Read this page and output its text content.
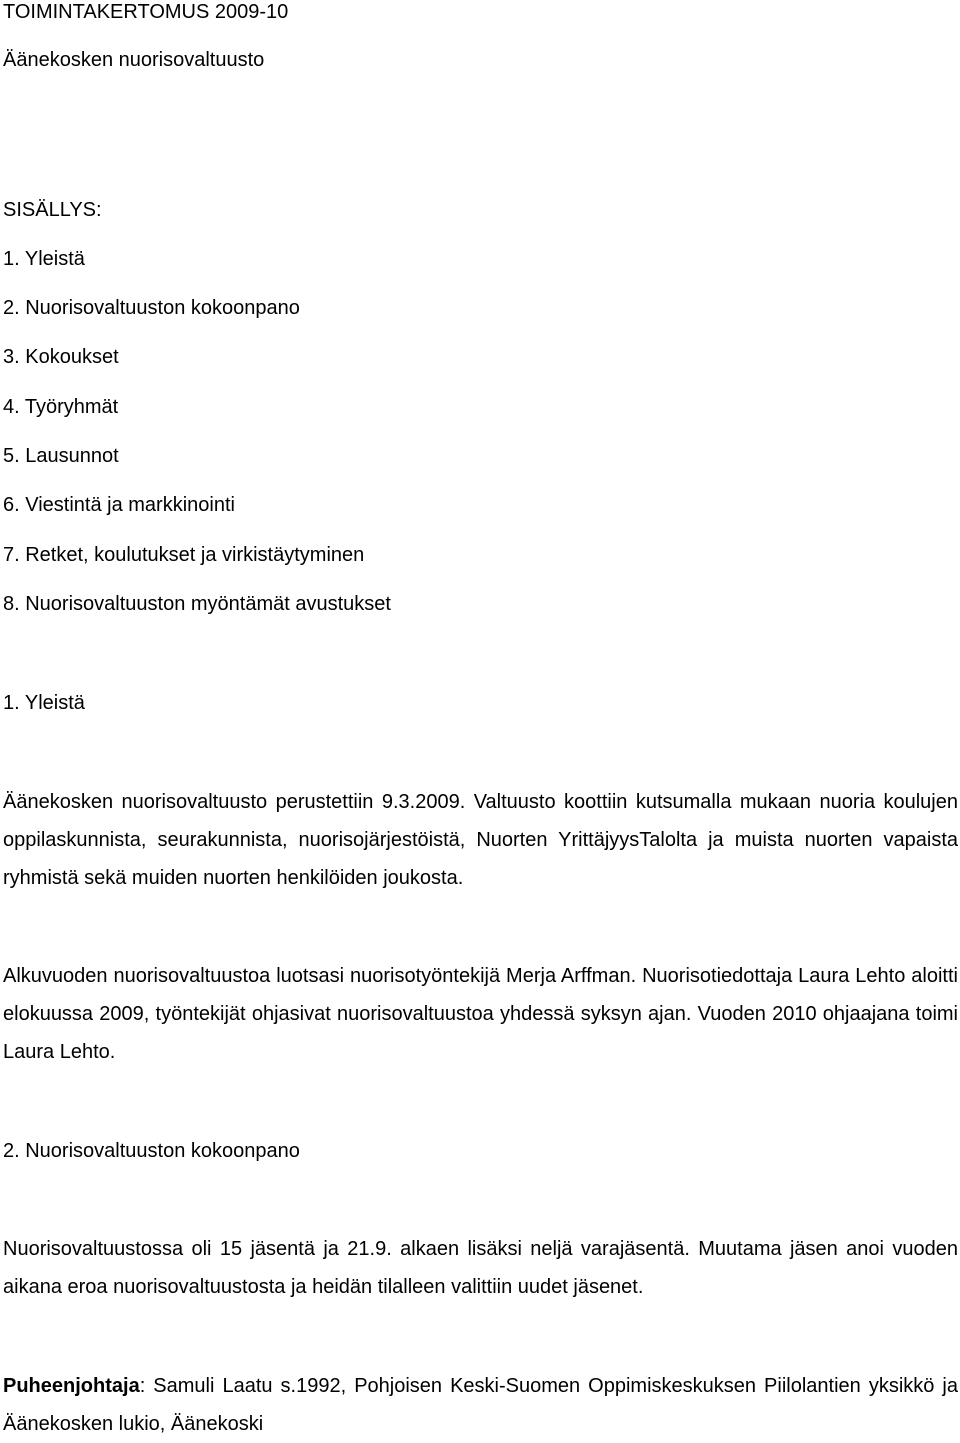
TOIMINTAKERTOMUS 2009-10
Äänekosken nuorisovaltuusto
SISÄLLYS:
1. Yleistä
2. Nuorisovaltuuston kokoonpano
3. Kokoukset
4. Työryhmät
5. Lausunnot
6. Viestintä ja markkinointi
7. Retket, koulutukset ja virkistäytyminen
8. Nuorisovaltuuston myöntämät avustukset
1. Yleistä
Äänekosken nuorisovaltuusto perustettiin 9.3.2009. Valtuusto koottiin kutsumalla mukaan nuoria koulujen oppilaskunnista, seurakunnista, nuorisojärjestöistä, Nuorten YrittäjyysTalolta ja muista nuorten vapaista ryhmistä sekä muiden nuorten henkilöiden joukosta.
Alkuvuoden nuorisovaltuustoa luotsasi nuorisotyöntekijä Merja Arffman. Nuorisotiedottaja Laura Lehto aloitti elokuussa 2009, työntekijät ohjasivat nuorisovaltuustoa yhdessä syksyn ajan. Vuoden 2010 ohjaajana toimi Laura Lehto.
2. Nuorisovaltuuston kokoonpano
Nuorisovaltuustossa oli 15 jäsentä ja 21.9. alkaen lisäksi neljä varajäsentä. Muutama jäsen anoi vuoden aikana eroa nuorisovaltuustosta ja heidän tilalleen valittiin uudet jäsenet.
Puheenjohtaja: Samuli Laatu s.1992, Pohjoisen Keski-Suomen Oppimiskeskuksen Piilolantien yksikkö ja Äänekosken lukio, Äänekoski
